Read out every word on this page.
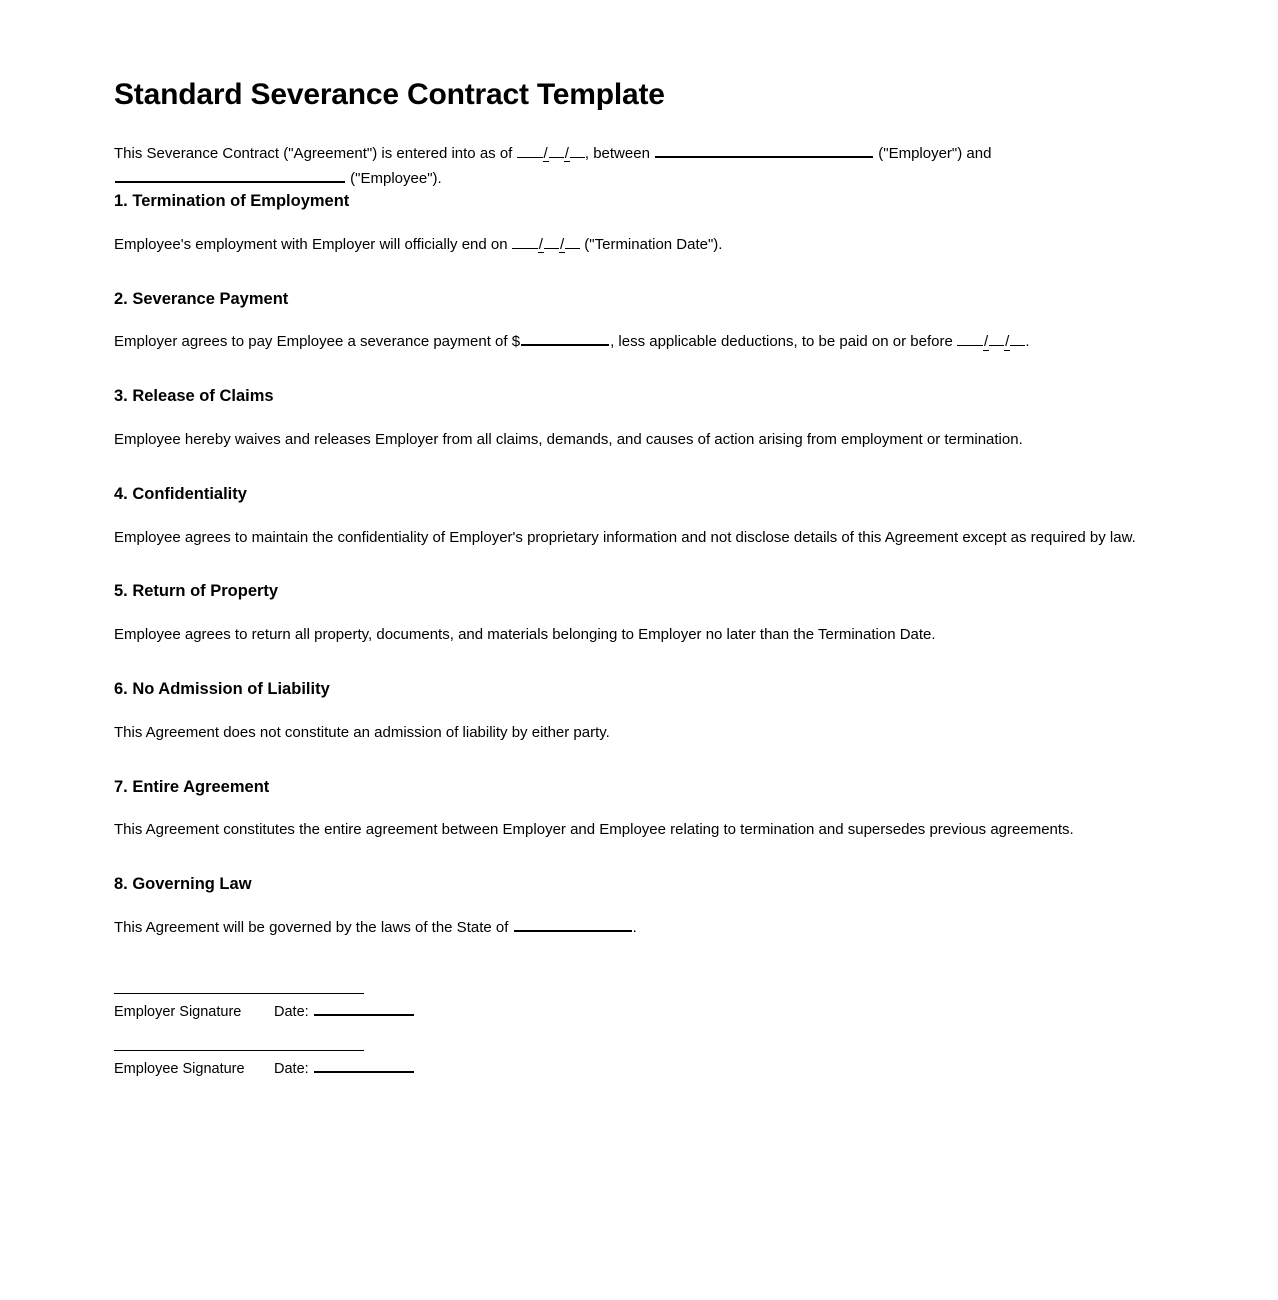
Standard Severance Contract Template

This Severance Contract ("Agreement") is entered into as of / / , between	("Employer") and  ("Employee").

1. Termination of Employment

Employee's employment with Employer will officially end on / / ("Termination Date").

2. Severance Payment

Employer agrees to pay Employee a severance payment of $	, less applicable deductions, to be paid on or before / / .

3. Release of Claims

Employee hereby waives and releases Employer from all claims, demands, and causes of action arising from employment or termination.

4. Confidentiality

Employee agrees to maintain the confidentiality of Employer's proprietary information and not disclose details of this Agreement except as required by law.

5. Return of Property

Employee agrees to return all property, documents, and materials belonging to Employer no later than the Termination Date.

6. No Admission of Liability

This Agreement does not constitute an admission of liability by either party.

7. Entire Agreement

This Agreement constitutes the entire agreement between Employer and Employee relating to termination and supersedes previous agreements.

8. Governing Law

This Agreement will be governed by the laws of the State of	.

Employer Signature Date:
Employee Signature Date:
